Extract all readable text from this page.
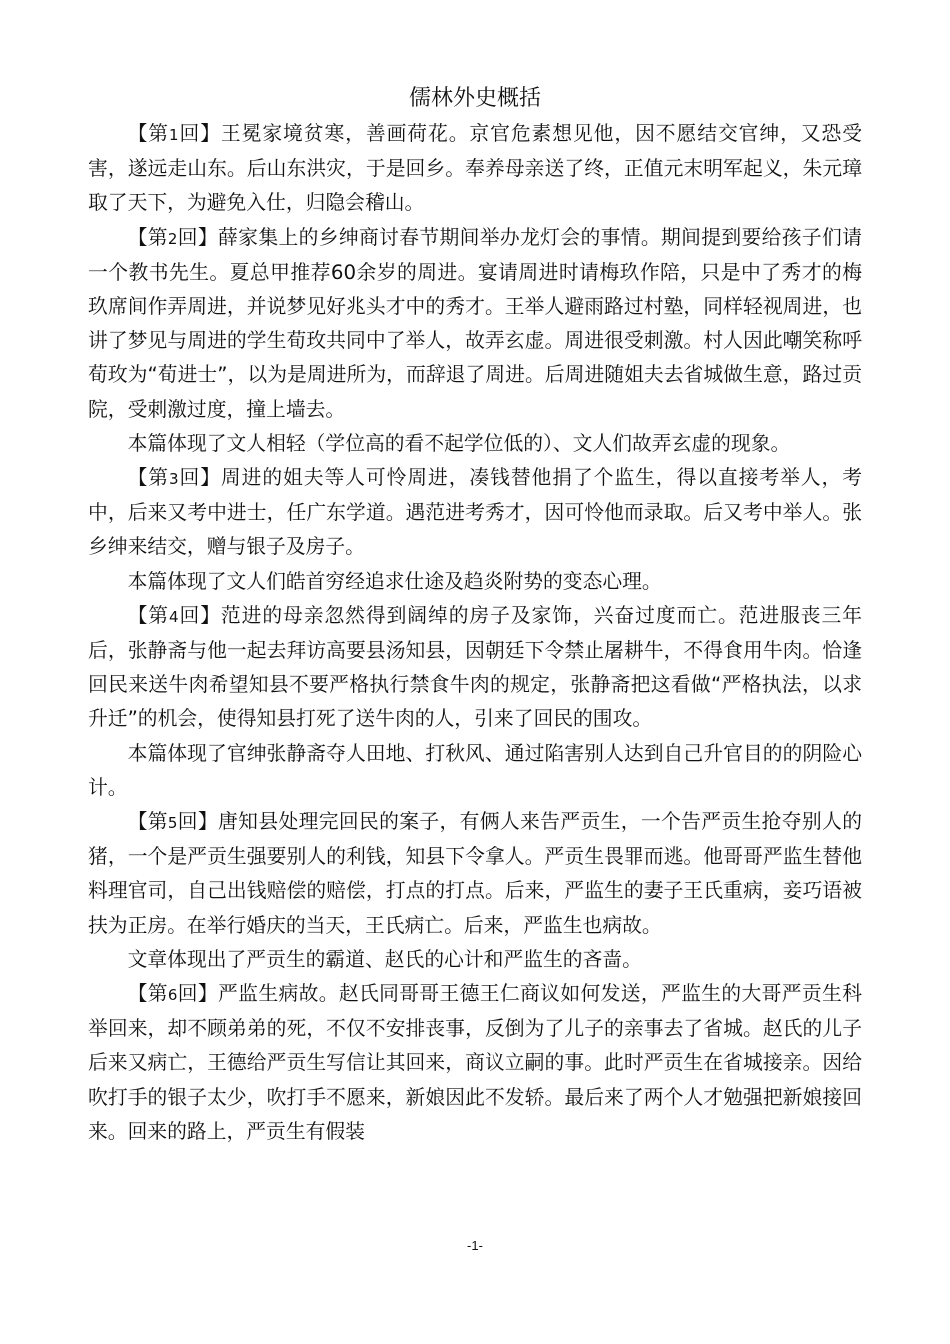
儒林外史概括

【第1回】王冕家境贫寒，善画荷花。京官危素想见他，因不愿结交官绅，又恐受害，遂远走山东。后山东洪灾，于是回乡。奉养母亲送了终，正值元末明军起义，朱元璋取了天下，为避免入仕，归隐会稽山。

【第2回】薛家集上的乡绅商讨春节期间举办龙灯会的事情。期间提到要给孩子们请一个教书先生。夏总甲推荐60余岁的周进。宴请周进时请梅玖作陪，只是中了秀才的梅玖席间作弄周进，并说梦见好兆头才中的秀才。王举人避雨路过村塾，同样轻视周进，也讲了梦见与周进的学生荀玫共同中了举人，故弄玄虚。周进很受刺激。村人因此嘲笑称呼荀玫为“荀进士”，以为是周进所为，而辞退了周进。后周进随姐夫去省城做生意，路过贡院，受刺激过度，撞上墙去。

本篇体现了文人相轻（学位高的看不起学位低的）、文人们故弄玄虚的现象。

【第3回】周进的姐夫等人可怜周进，凑钱替他捐了个监生，得以直接考举人，考中，后来又考中进士，任广东学道。遇范进考秀才，因可怜他而录取。后又考中举人。张乡绅来结交，赠与银子及房子。

本篇体现了文人们皓首穷经追求仕途及趋炎附势的变态心理。

【第4回】范进的母亲忽然得到阔绰的房子及家饰，兴奋过度而亡。范进服丧三年后，张静斋与他一起去拜访高要县汤知县，因朝廷下令禁止屠耕牛，不得食用牛肉。恰逢回民来送牛肉希望知县不要严格执行禁食牛肉的规定，张静斋把这看做“严格执法，以求升迁”的机会，使得知县打死了送牛肉的人，引来了回民的围攻。

本篇体现了官绅张静斋夺人田地、打秋风、通过陷害别人达到自己升官目的的阴险心计。

【第5回】唐知县处理完回民的案子，有俩人来告严贡生，一个告严贡生抢夺别人的猪，一个是严贡生强要别人的利钱，知县下令拿人。严贡生畏罪而逃。他哥哥严监生替他料理官司，自己出钱赔偿的赔偿，打点的打点。后来，严监生的妻子王氏重病，妾巧语被扶为正房。在举行婚庆的当天，王氏病亡。后来，严监生也病故。

文章体现出了严贡生的霸道、赵氏的心计和严监生的吝啬。

【第6回】严监生病故。赵氏同哥哥王德王仁商议如何发送，严监生的大哥严贡生科举回来，却不顾弟弟的死，不仅不安排丧事，反倒为了儿子的亲事去了省城。赵氏的儿子后来又病亡，王德给严贡生写信让其回来，商议立嗣的事。此时严贡生在省城接亲。因给吹打手的银子太少，吹打手不愿来，新娘因此不发轿。最后来了两个人才勉强把新娘接回来。回来的路上，严贡生有假装

-1-
